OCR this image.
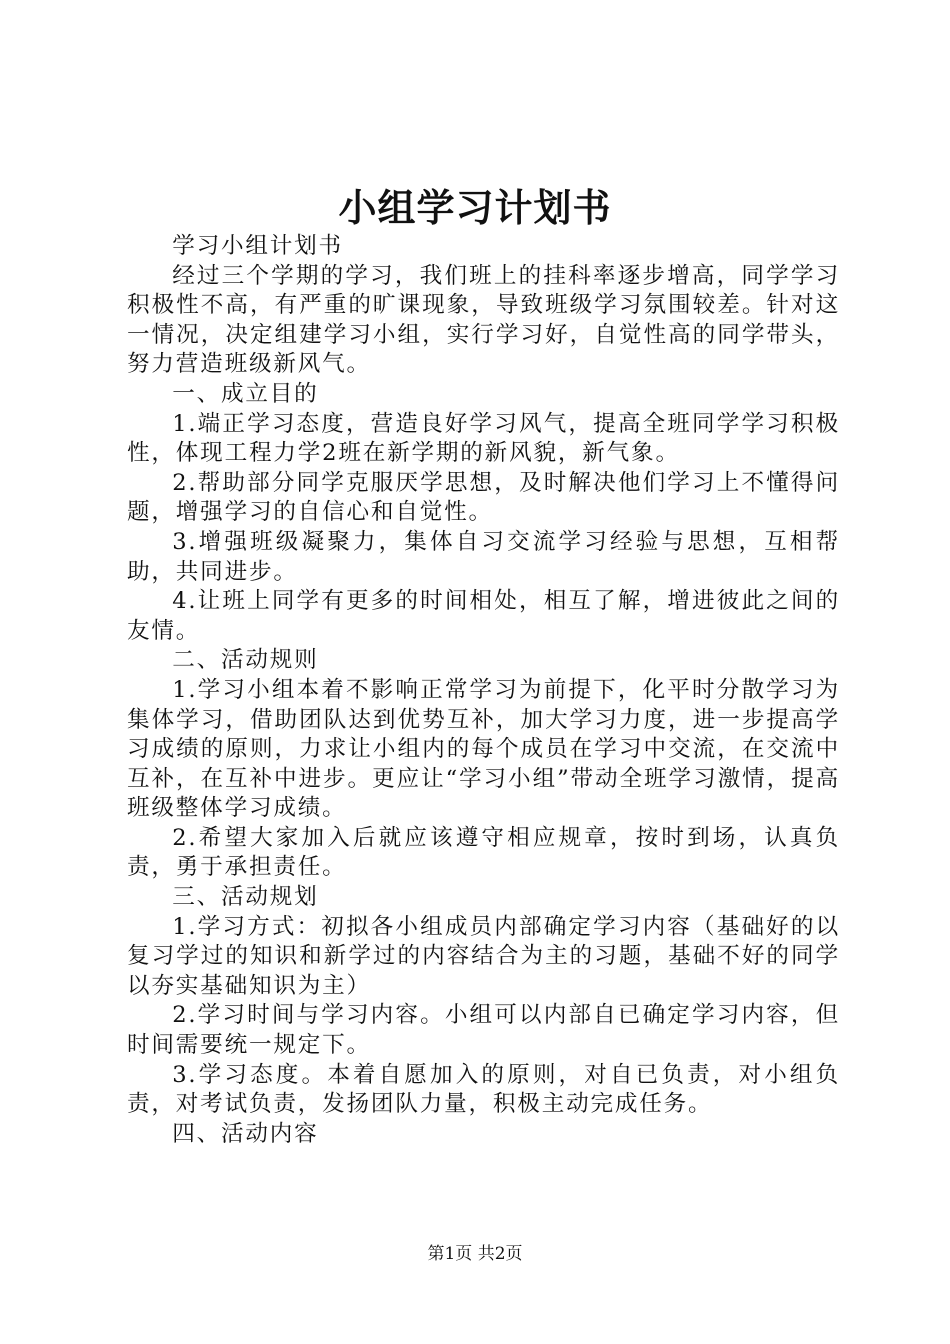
小组学习计划书

学习小组计划书

经过三个学期的学习，我们班上的挂科率逐步增高，同学学习积极性不高，有严重的旷课现象，导致班级学习氛围较差。针对这一情况，决定组建学习小组，实行学习好，自觉性高的同学带头，努力营造班级新风气。

一、成立目的

1.端正学习态度，营造良好学习风气，提高全班同学学习积极性，体现工程力学2班在新学期的新风貌，新气象。

2.帮助部分同学克服厌学思想，及时解决他们学习上不懂得问题，增强学习的自信心和自觉性。

3.增强班级凝聚力，集体自习交流学习经验与思想，互相帮助，共同进步。

4.让班上同学有更多的时间相处，相互了解，增进彼此之间的友情。

二、活动规则

1.学习小组本着不影响正常学习为前提下，化平时分散学习为集体学习，借助团队达到优势互补，加大学习力度，进一步提高学习成绩的原则，力求让小组内的每个成员在学习中交流，在交流中互补，在互补中进步。更应让“学习小组”带动全班学习激情，提高班级整体学习成绩。

2.希望大家加入后就应该遵守相应规章，按时到场，认真负责，勇于承担责任。

三、活动规划

1.学习方式：初拟各小组成员内部确定学习内容（基础好的以复习学过的知识和新学过的内容结合为主的习题，基础不好的同学以夯实基础知识为主）

2.学习时间与学习内容。小组可以内部自已确定学习内容，但时间需要统一规定下。

3.学习态度。本着自愿加入的原则，对自已负责，对小组负责，对考试负责，发扬团队力量，积极主动完成任务。

四、活动内容

第1页 共2页
